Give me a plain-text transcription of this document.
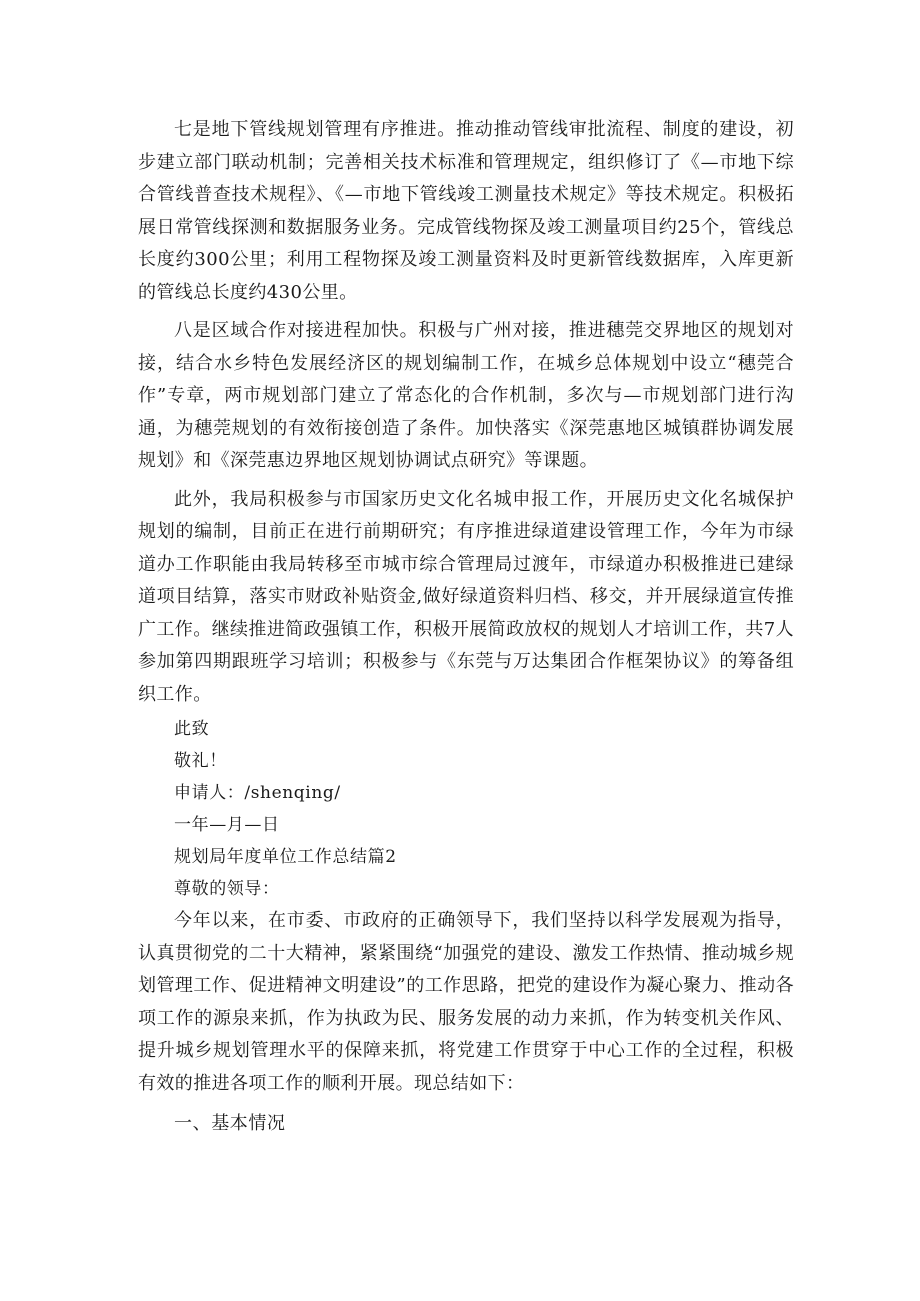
七是地下管线规划管理有序推进。推动推动管线审批流程、制度的建设，初步建立部门联动机制；完善相关技术标准和管理规定，组织修订了《—市地下综合管线普查技术规程》、《—市地下管线竣工测量技术规定》等技术规定。积极拓展日常管线探测和数据服务业务。完成管线物探及竣工测量项目约25个，管线总长度约300公里；利用工程物探及竣工测量资料及时更新管线数据库，入库更新的管线总长度约430公里。

八是区域合作对接进程加快。积极与广州对接，推进穗莞交界地区的规划对接，结合水乡特色发展经济区的规划编制工作，在城乡总体规划中设立“穗莞合作”专章，两市规划部门建立了常态化的合作机制，多次与—市规划部门进行沟通，为穗莞规划的有效衔接创造了条件。加快落实《深莞惠地区城镇群协调发展规划》和《深莞惠边界地区规划协调试点研究》等课题。

此外，我局积极参与市国家历史文化名城申报工作，开展历史文化名城保护规划的编制，目前正在进行前期研究；有序推进绿道建设管理工作，今年为市绿道办工作职能由我局转移至市城市综合管理局过渡年，市绿道办积极推进已建绿道项目结算，落实市财政补贴资金,做好绿道资料归档、移交，并开展绿道宣传推广工作。继续推进简政强镇工作，积极开展简政放权的规划人才培训工作，共7人参加第四期跟班学习培训；积极参与《东莞与万达集团合作框架协议》的筹备组织工作。

此致

敬礼！

申请人：/shenqing/

一年—月—日

规划局年度单位工作总结篇2

尊敬的领导：

今年以来，在市委、市政府的正确领导下，我们坚持以科学发展观为指导，认真贯彻党的二十大精神，紧紧围绕“加强党的建设、激发工作热情、推动城乡规划管理工作、促进精神文明建设”的工作思路，把党的建设作为凝心聚力、推动各项工作的源泉来抓，作为执政为民、服务发展的动力来抓，作为转变机关作风、提升城乡规划管理水平的保障来抓，将党建工作贯穿于中心工作的全过程，积极有效的推进各项工作的顺利开展。现总结如下：

一、基本情况
